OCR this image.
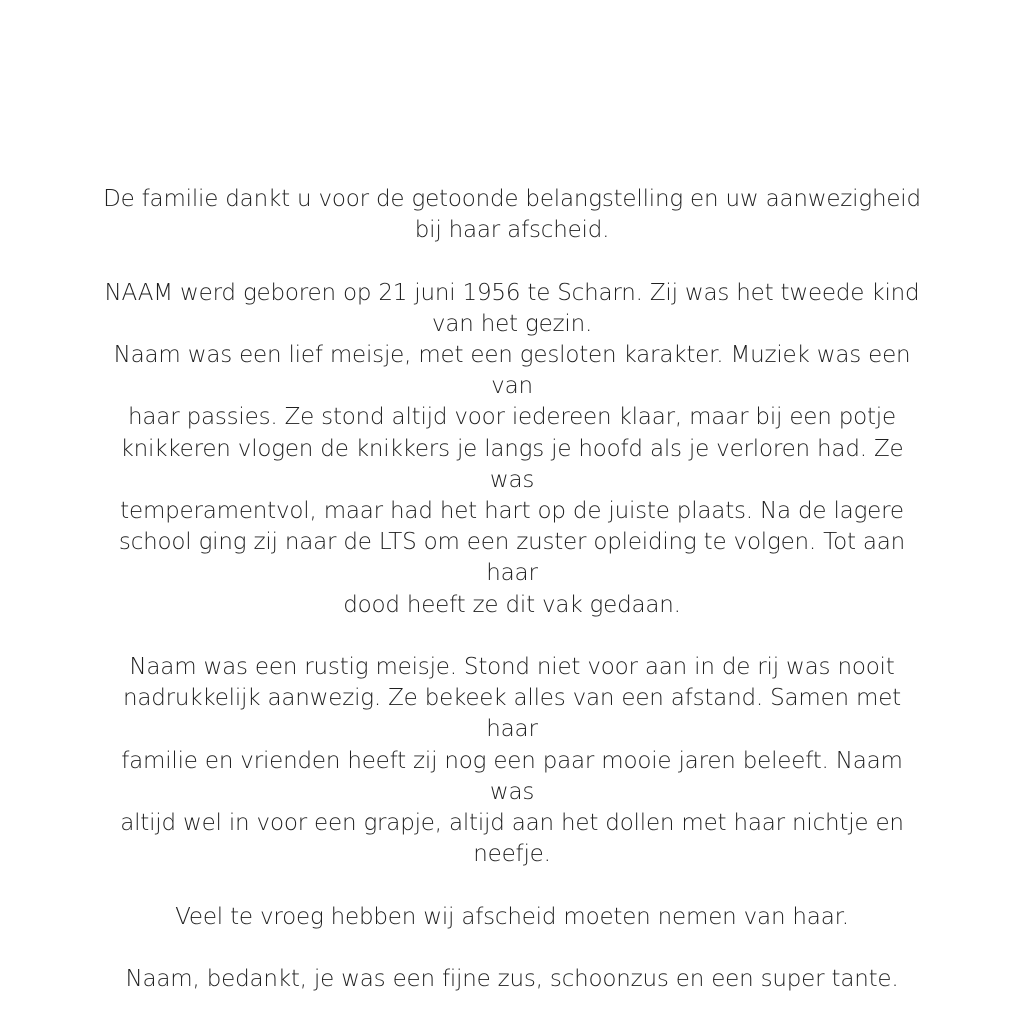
De familie dankt u voor de getoonde belangstelling en uw aanwezigheid
bij haar afscheid.
NAAM werd geboren op 21 juni 1956 te Scharn. Zij was het tweede kind
van het gezin.
Naam was een lief meisje, met een gesloten karakter. Muziek was een van
haar passies. Ze stond altijd voor iedereen klaar, maar bij een potje
knikkeren vlogen de knikkers je langs je hoofd als je verloren had. Ze was
temperamentvol, maar had het hart op de juiste plaats. Na de lagere
school ging zij naar de LTS om een zuster opleiding te volgen. Tot aan haar
dood heeft ze dit vak gedaan.
Naam was een rustig meisje. Stond niet voor aan in de rij was nooit
nadrukkelijk aanwezig. Ze bekeek alles van een afstand. Samen met haar
familie en vrienden heeft zij nog een paar mooie jaren beleeft. Naam was
altijd wel in voor een grapje, altijd aan het dollen met haar nichtje en
neefje.
Veel te vroeg hebben wij afscheid moeten nemen van haar.
Naam, bedankt, je was een fijne zus, schoonzus en een super tante.
